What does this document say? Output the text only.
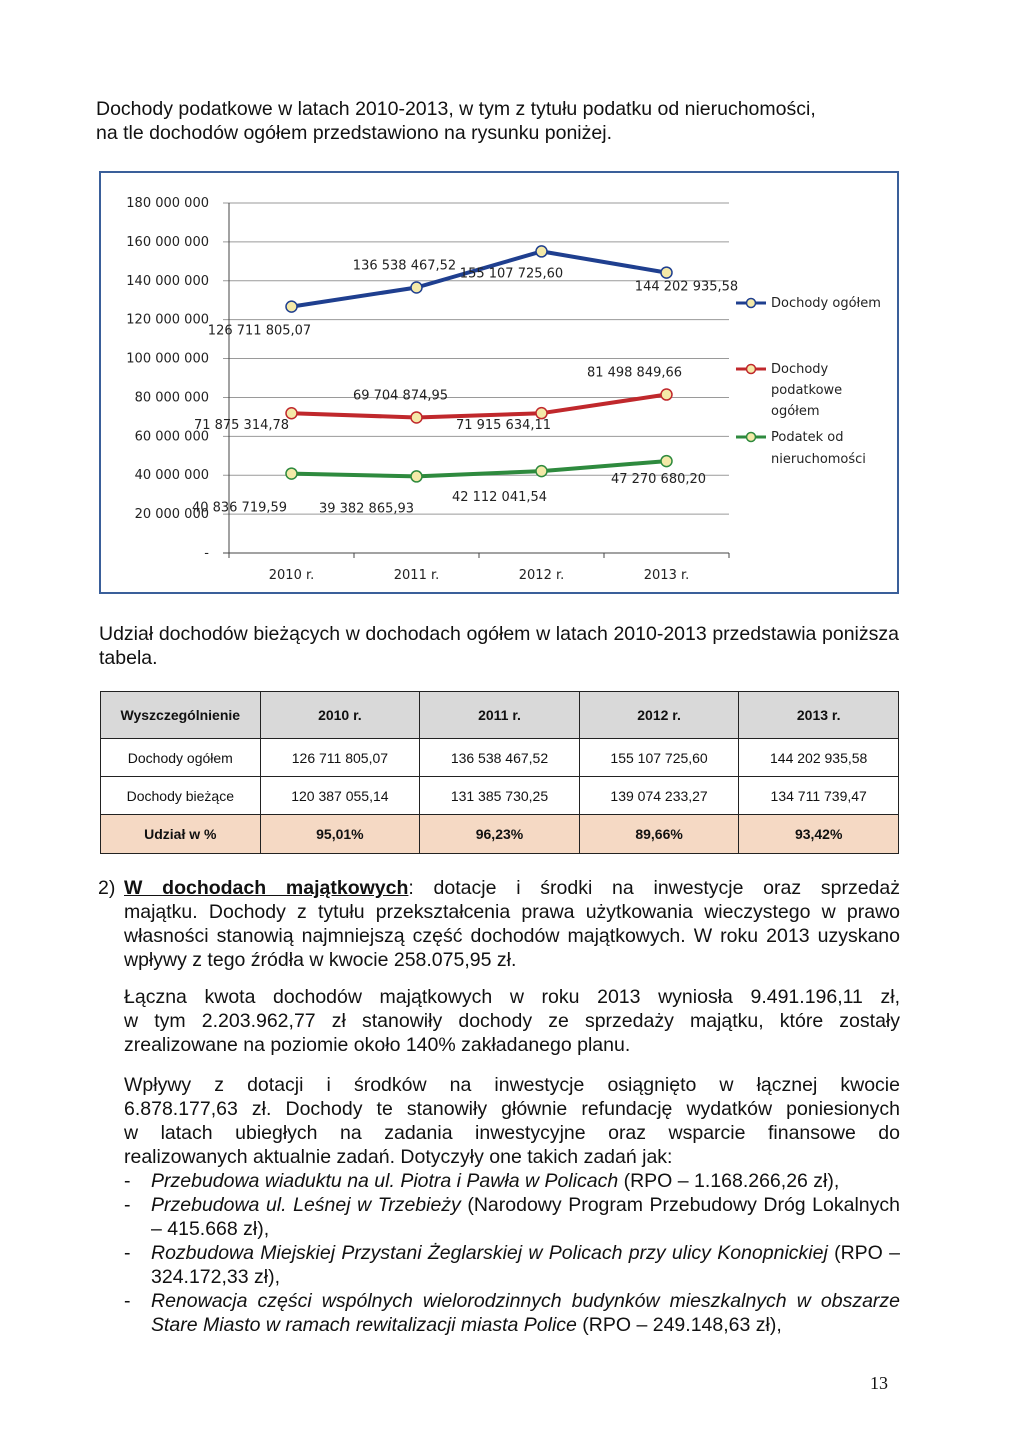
Dochody podatkowe w latach 2010-2013, w tym z tytułu podatku od nieruchomości,
na tle dochodów ogółem przedstawiono na rysunku poniżej.

-
20 000 000
40 000 000
60 000 000
80 000 000
100 000 000
120 000 000
140 000 000
160 000 000
180 000 000
2010 r.	2011 r.	2012 r.	2013 r.
126 711 805,07
136 538 467,52
155 107 725,60
144 202 935,58
71 875 314,78
69 704 874,95
71 915 634,11
81 498 849,66
40 836 719,59 39 382 865,93
42 112 041,54
47 270 680,20
Dochody ogółem
Dochody
podatkowe
ogółem
Podatek od
nieruchomości

Udział dochodów bieżących w dochodach ogółem w latach 2010-2013 przedstawia poniższa tabela.

Wyszczególnienie	2010 r.	2011 r.	2012 r.	2013 r.
Dochody ogółem	126 711 805,07	136 538 467,52	155 107 725,60	144 202 935,58
Dochody bieżące	120 387 055,14	131 385 730,25	139 074 233,27	134 711 739,47
Udział w %	95,01%	96,23%	89,66%	93,42%
2) W dochodach majątkowych: dotacje i środki na inwestycje oraz sprzedaż
majątku. Dochody z tytułu przekształcenia prawa użytkowania wieczystego w prawo własności stanowią najmniejszą część dochodów majątkowych. W roku 2013 uzyskano wpływy z tego źródła w kwocie 258.075,95 zł.
Łączna kwota dochodów majątkowych w roku 2013 wyniosła 9.491.196,11 zł,
w tym 2.203.962,77 zł stanowiły dochody ze sprzedaży majątku, które zostały
zrealizowane na poziomie około 140% zakładanego planu.
Wpływy z dotacji i środków na inwestycje osiągnięto w łącznej kwocie
6.878.177,63 zł. Dochody te stanowiły głównie refundację wydatków poniesionych
w latach ubiegłych na zadania inwestycyjne oraz wsparcie finansowe do
realizowanych aktualnie zadań. Dotyczyły one takich zadań jak:
- Przebudowa wiaduktu na ul. Piotra i Pawła w Policach (RPO – 1.168.266,26 zł),
- Przebudowa ul. Leśnej w Trzebieży (Narodowy Program Przebudowy Dróg Lokalnych – 415.668 zł),
- Rozbudowa Miejskiej Przystani Żeglarskiej w Policach przy ulicy Konopnickiej (RPO – 324.172,33 zł),
- Renowacja części wspólnych wielorodzinnych budynków mieszkalnych w obszarze Stare Miasto w ramach rewitalizacji miasta Police (RPO – 249.148,63 zł),
13
